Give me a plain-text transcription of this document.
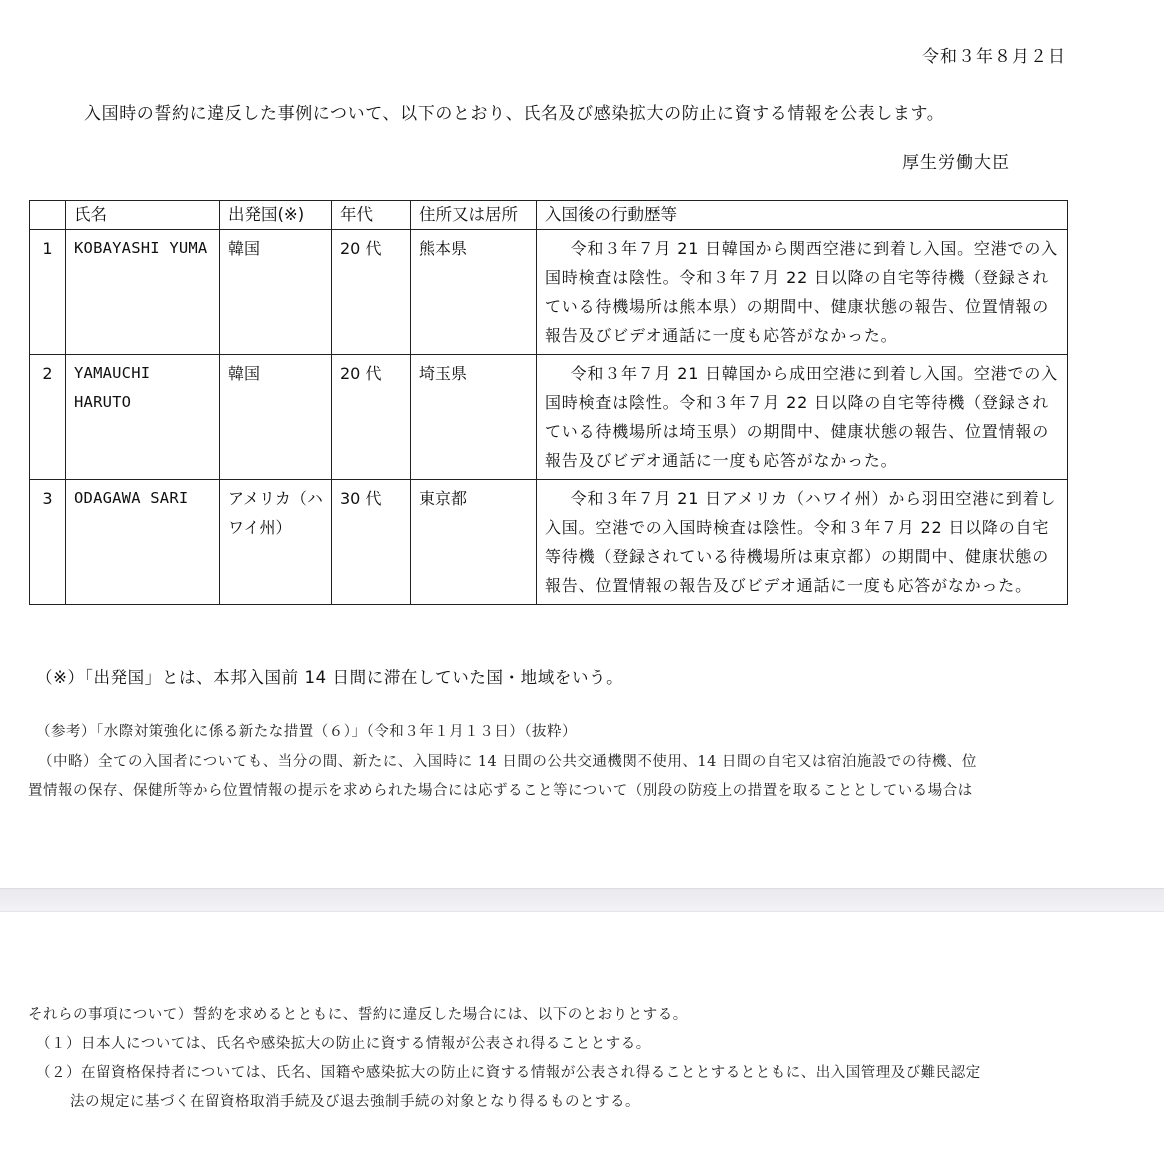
令和３年８月２日
入国時の誓約に違反した事例について、以下のとおり、氏名及び感染拡大の防止に資する情報を公表します。
厚生労働大臣
	氏名	出発国(※)	年代	住所又は居所	入国後の行動歴等
1	KOBAYASHI YUMA	韓国	20 代	熊本県	令和３年７月 21 日韓国から関西空港に到着し入国。空港での入国時検査は陰性。令和３年７月 22 日以降の自宅等待機（登録されている待機場所は熊本県）の期間中、健康状態の報告、位置情報の報告及びビデオ通話に一度も応答がなかった。
2	YAMAUCHI HARUTO	韓国	20 代	埼玉県	令和３年７月 21 日韓国から成田空港に到着し入国。空港での入国時検査は陰性。令和３年７月 22 日以降の自宅等待機（登録されている待機場所は埼玉県）の期間中、健康状態の報告、位置情報の報告及びビデオ通話に一度も応答がなかった。
3	ODAGAWA SARI	アメリカ（ハワイ州）	30 代	東京都	令和３年７月 21 日アメリカ（ハワイ州）から羽田空港に到着し入国。空港での入国時検査は陰性。令和３年７月 22 日以降の自宅等待機（登録されている待機場所は東京都）の期間中、健康状態の報告、位置情報の報告及びビデオ通話に一度も応答がなかった。
（※）「出発国」とは、本邦入国前 14 日間に滞在していた国・地域をいう。
（参考）「水際対策強化に係る新たな措置（６）」（令和３年１月１３日）（抜粋）
（中略）全ての入国者についても、当分の間、新たに、入国時に 14 日間の公共交通機関不使用、14 日間の自宅又は宿泊施設での待機、位
置情報の保存、保健所等から位置情報の提示を求められた場合には応ずること等について（別段の防疫上の措置を取ることとしている場合は
それらの事項について）誓約を求めるとともに、誓約に違反した場合には、以下のとおりとする。
（１）日本人については、氏名や感染拡大の防止に資する情報が公表され得ることとする。
（２）在留資格保持者については、氏名、国籍や感染拡大の防止に資する情報が公表され得ることとするとともに、出入国管理及び難民認定
法の規定に基づく在留資格取消手続及び退去強制手続の対象となり得るものとする。
